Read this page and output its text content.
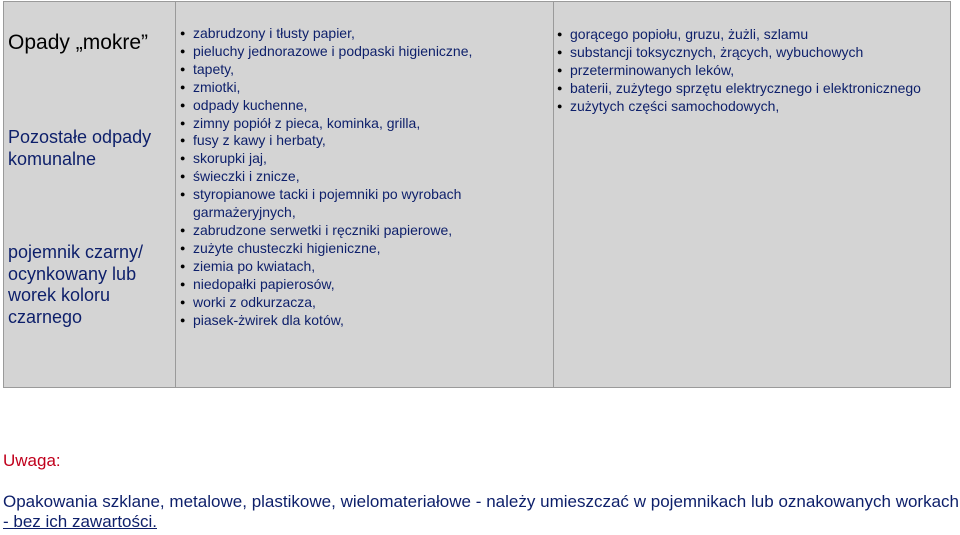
Opady „mokre”
Pozostałe odpady komunalne
pojemnik czarny/ ocynkowany lub worek koloru czarnego
● zabrudzony i tłusty papier,
● pieluchy jednorazowe i podpaski higieniczne,
● tapety,
● zmiotki,
● odpady kuchenne,
● zimny popiół z pieca, kominka, grilla,
● fusy z kawy i herbaty,
● skorupki jaj,
● świeczki i znicze,
● styropianowe tacki i pojemniki po wyrobach garmażeryjnych,
● zabrudzone serwetki i ręczniki papierowe,
● zużyte chusteczki higieniczne,
● ziemia po kwiatach,
● niedopałki papierosów,
● worki z odkurzacza,
● piasek-żwirek dla kotów,
● gorącego popiołu, gruzu, żużli, szlamu
● substancji toksycznych, żrących, wybuchowych
● przeterminowanych leków,
● baterii, zużytego sprzętu elektrycznego i elektronicznego
● zużytych części samochodowych,
Uwaga:
Opakowania szklane, metalowe, plastikowe, wielomateriałowe - należy umieszczać w pojemnikach lub oznakowanych workach - bez ich zawartości.
